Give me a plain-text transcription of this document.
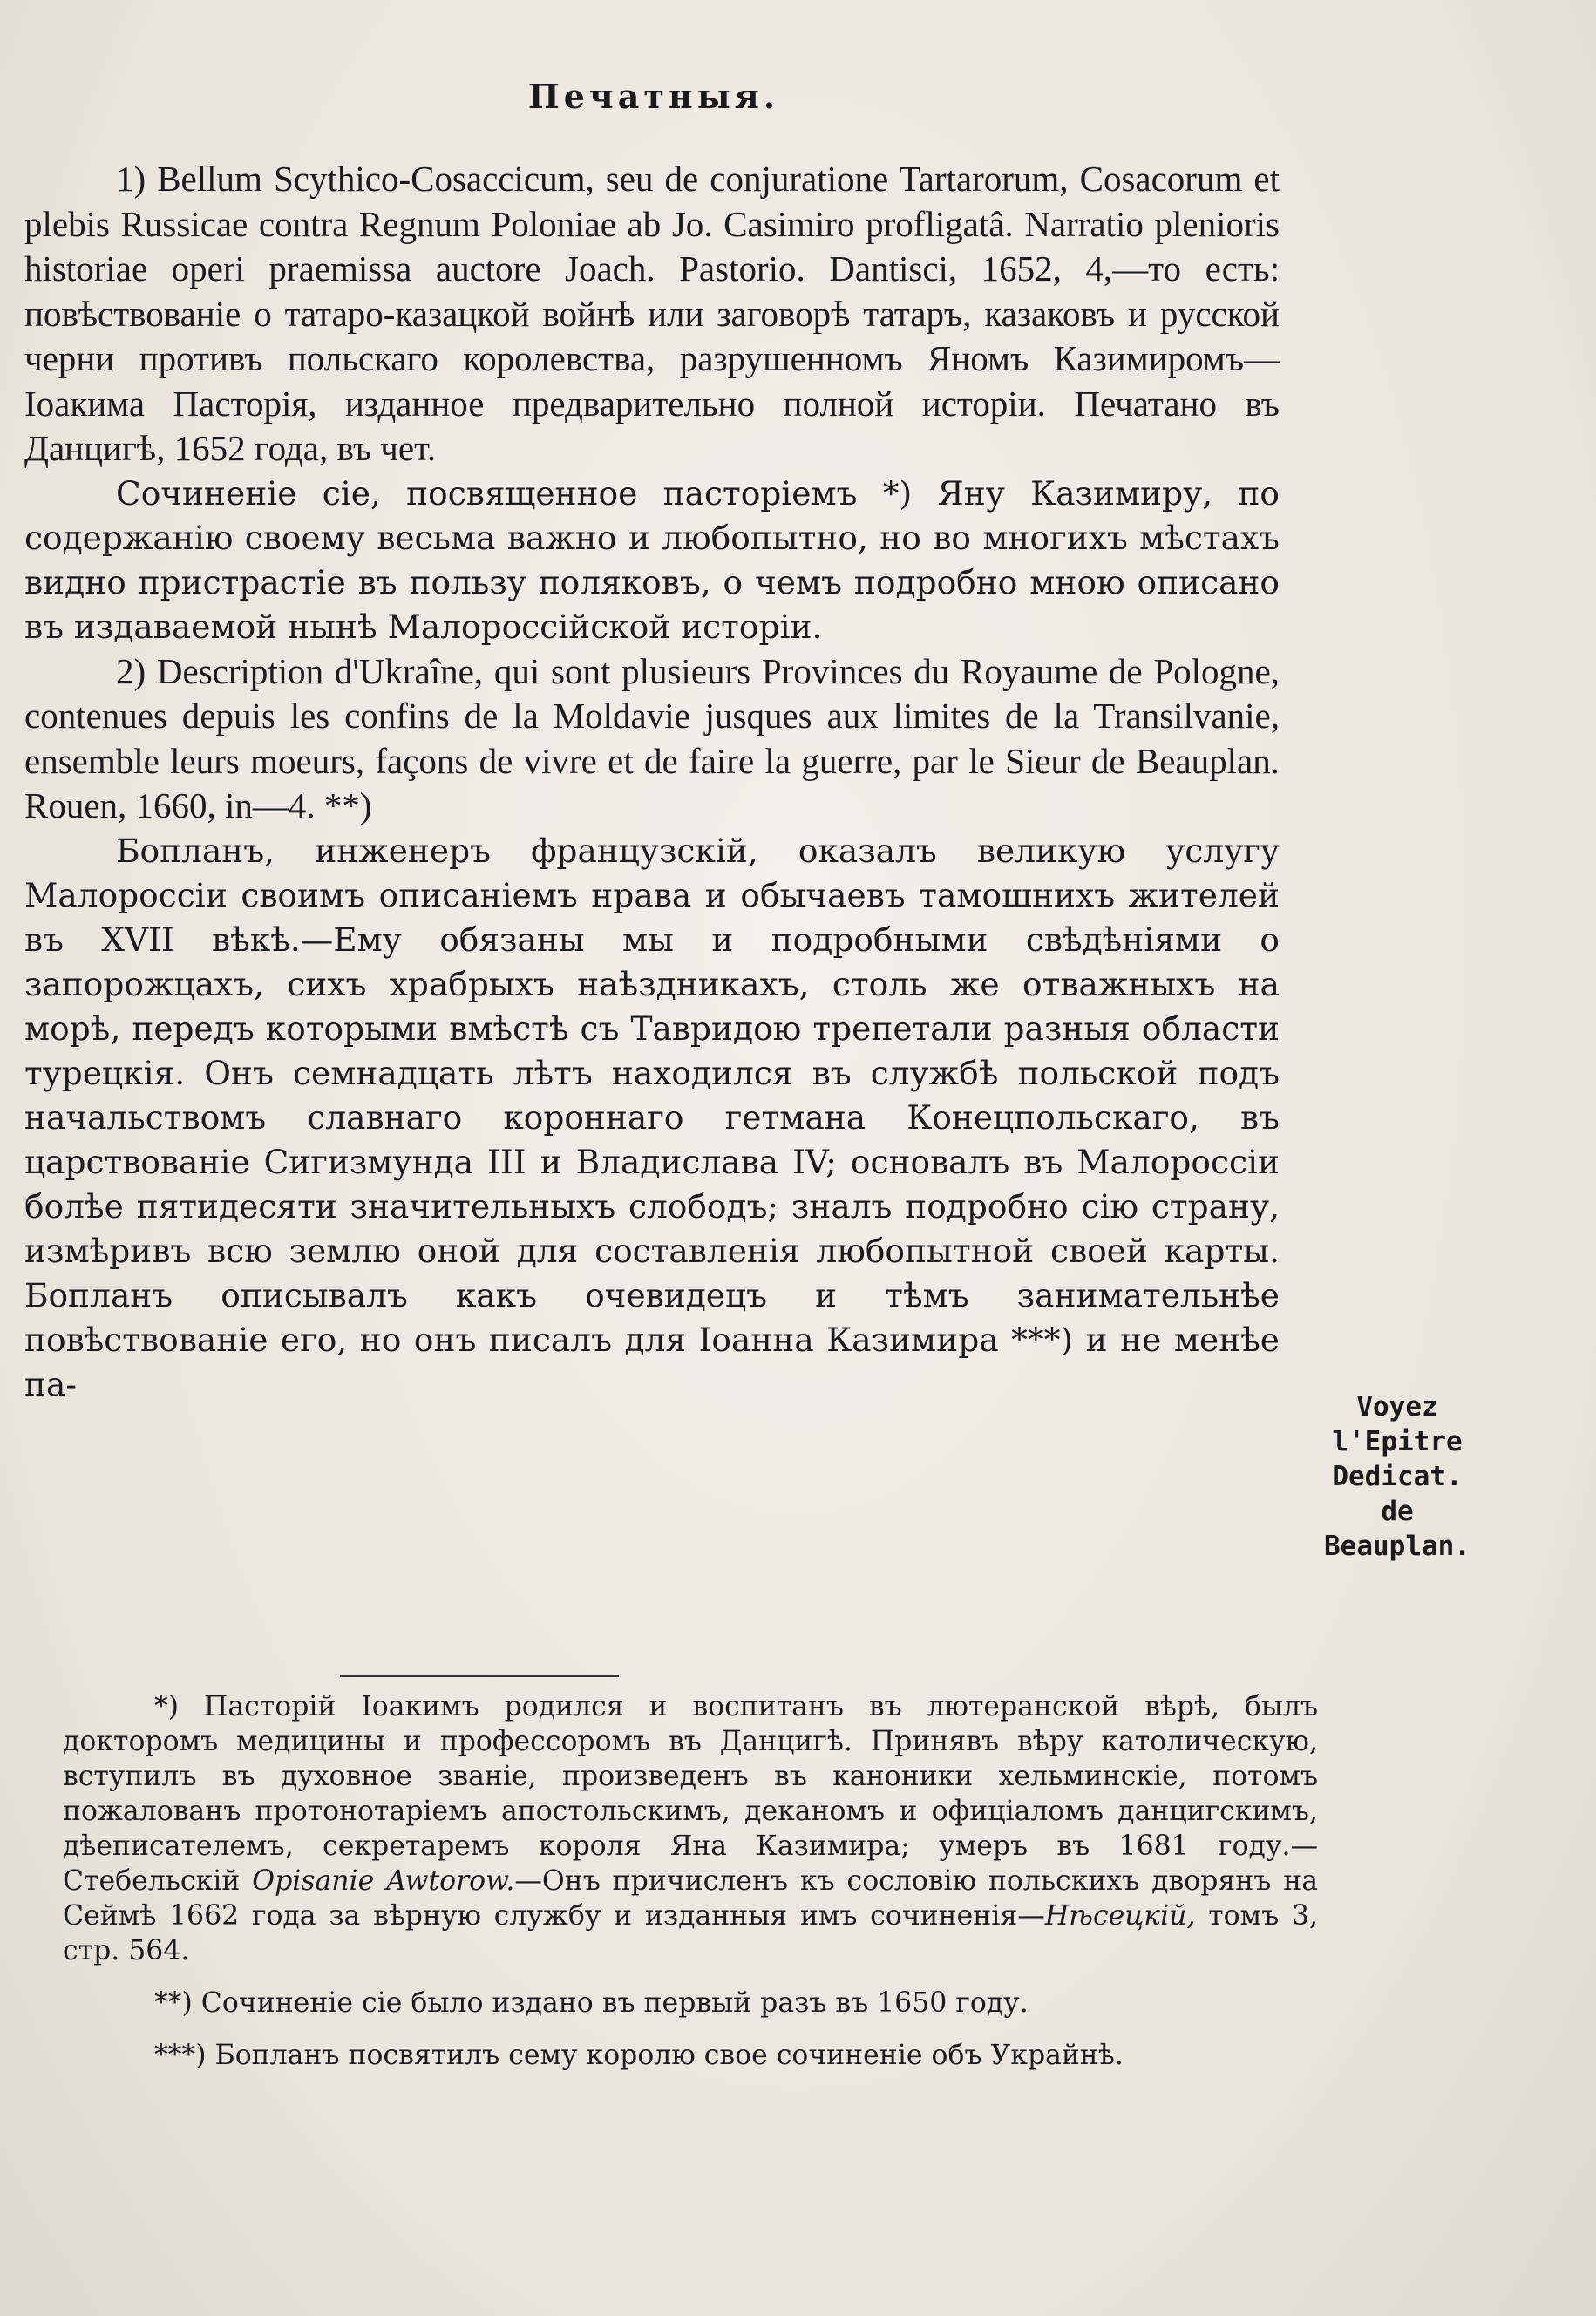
Печатныя.

1) Bellum Scythico-Cosaccicum, seu de conjuratione Tartarorum, Cosacorum et plebis Russicae contra Regnum Poloniae ab Jo. Casimiro profligatâ. Narratio plenioris historiae operi praemissa auctore Joach. Pastorio. Dantisci, 1652, 4,—то есть: повѣствованіе о татаро-казацкой войнѣ или заговорѣ татаръ, казаковъ и русской черни противъ польскаго королевства, разрушенномъ Яномъ Казимиромъ—Іоакима Пасторія, изданное предварительно полной исторіи. Печатано въ Данцигѣ, 1652 года, въ чет.

Сочиненіе сіе, посвященное пасторіемъ *) Яну Казимиру, по содержанію своему весьма важно и любопытно, но во многихъ мѣстахъ видно пристрастіе въ пользу поляковъ, о чемъ подробно мною описано въ издаваемой нынѣ Малороссійской исторіи.

2) Description d'Ukraîne, qui sont plusieurs Provinces du Royaume de Pologne, contenues depuis les confins de la Moldavie jusques aux limites de la Transilvanie, ensemble leurs moeurs, façons de vivre et de faire la guerre, par le Sieur de Beauplan. Rouen, 1660, in—4. **)

Бопланъ, инженеръ французскій, оказалъ великую услугу Малороссіи своимъ описаніемъ нрава и обычаевъ тамошнихъ жителей въ XVII вѣкѣ.—Ему обязаны мы и подробными свѣдѣніями о запорожцахъ, сихъ храбрыхъ наѣздникахъ, столь же отважныхъ на морѣ, передъ которыми вмѣстѣ съ Тавридою трепетали разныя области турецкія. Онъ семнадцать лѣтъ находился въ службѣ польской подъ начальствомъ славнаго короннаго гетмана Конецпольскаго, въ царствованіе Сигизмунда III и Владислава IV; основалъ въ Малороссіи болѣе пятидесяти значительныхъ слободъ; зналъ подробно сію страну, измѣривъ всю землю оной для составленія любопытной своей карты. Бопланъ описывалъ какъ очевидецъ и тѣмъ занимательнѣе повѣствованіе его, но онъ писалъ для Іоанна Казимира ***) и не менѣе па-

Voyez l'Epitre Dedicat. de Beauplan.

*) Пасторій Іоакимъ родился и воспитанъ въ лютеранской вѣрѣ, былъ докторомъ медицины и профессоромъ въ Данцигѣ. Принявъ вѣру католическую, вступилъ въ духовное званіе, произведенъ въ каноники хельминскіе, потомъ пожалованъ протонотаріемъ апостольскимъ, деканомъ и офиціаломъ данцигскимъ, дѣеписателемъ, секретаремъ короля Яна Казимира; умеръ въ 1681 году.—Стебельскій Opisanie Awtorow.—Онъ причисленъ къ сословію польскихъ дворянъ на Сеймѣ 1662 года за вѣрную службу и изданныя имъ сочиненія—Нѣсецкій, томъ 3, стр. 564.

**) Сочиненіе сіе было издано въ первый разъ въ 1650 году.

***) Бопланъ посвятилъ сему королю свое сочиненіе объ Украйнѣ.
